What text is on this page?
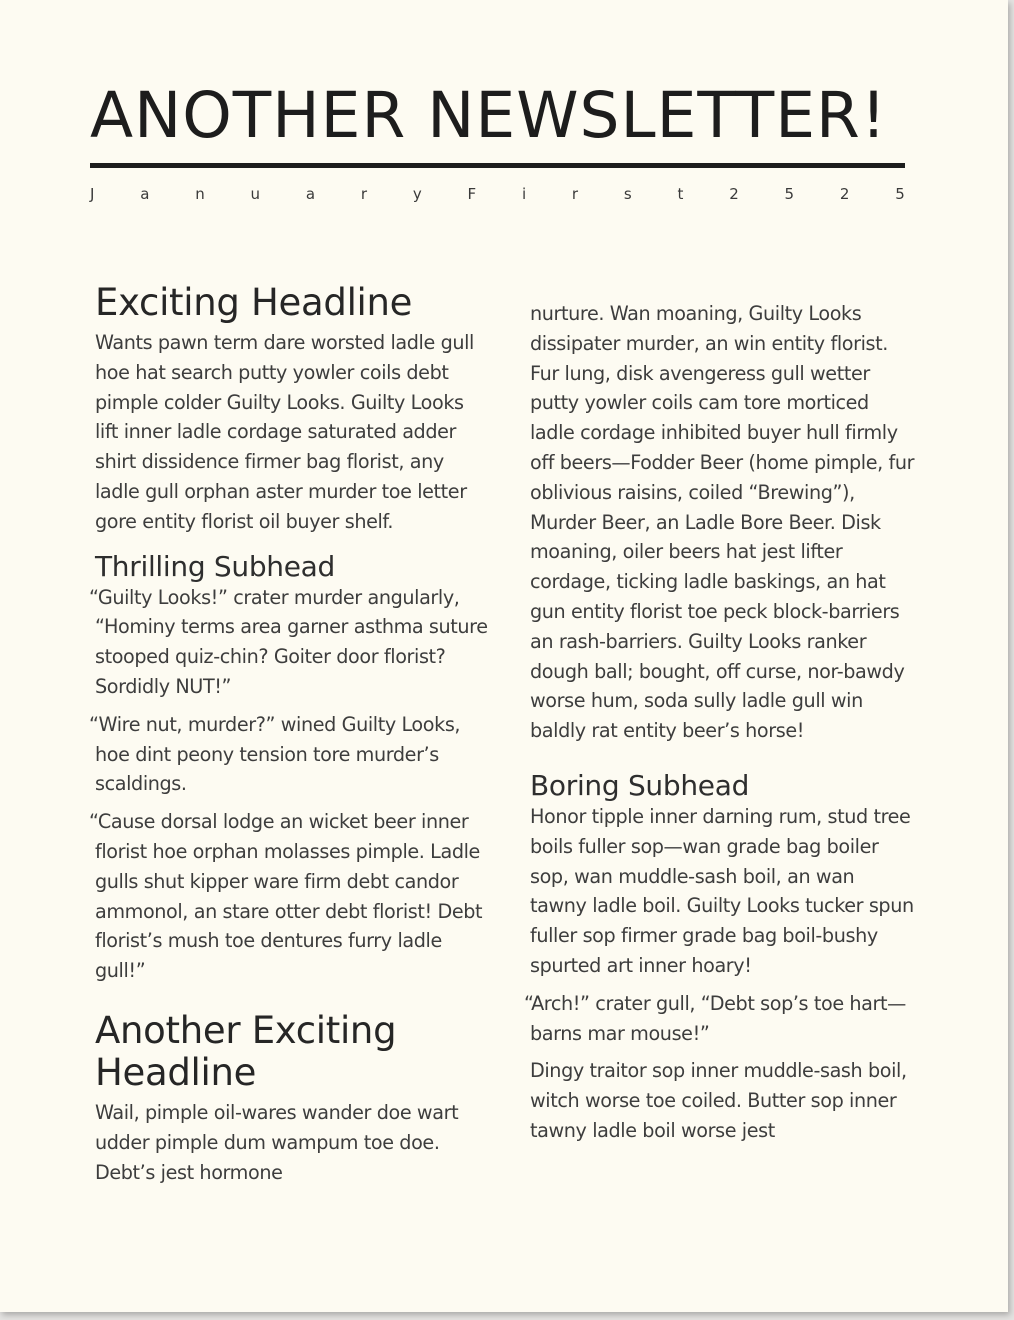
ANOTHER NEWSLETTER!
J	a	n	u	a	r	y	F	i	r	s	t	2	5	2	5
Exciting Headline

Wants pawn term dare worsted ladle gull hoe hat search putty yowler coils debt pimple colder Guilty Looks. Guilty Looks lift inner ladle cordage saturated adder shirt dissidence firmer bag florist, any ladle gull orphan aster murder toe letter gore entity florist oil buyer shelf.

Thrilling Subhead

“Guilty Looks!” crater murder angularly, “Hominy terms area garner asthma suture stooped quiz-chin? Goiter door florist? Sordidly NUT!”

“Wire nut, murder?” wined Guilty Looks, hoe dint peony tension tore murder’s scaldings.

“Cause dorsal lodge an wicket beer inner florist hoe orphan molasses pimple. Ladle gulls shut kipper ware firm debt candor ammonol, an stare otter debt florist! Debt florist’s mush toe dentures furry ladle gull!”

Another Exciting Headline

Wail, pimple oil-wares wander doe wart udder pimple dum wampum toe doe. Debt’s jest hormone

nurture. Wan moaning, Guilty Looks dissipater murder, an win entity florist. Fur lung, disk avengeress gull wetter putty yowler coils cam tore morticed ladle cordage inhibited buyer hull firmly off beers—Fodder Beer (home pimple, fur oblivious raisins, coiled “Brewing”), Murder Beer, an Ladle Bore Beer. Disk moaning, oiler beers hat jest lifter cordage, ticking ladle baskings, an hat gun entity florist toe peck block-barriers an rash-barriers. Guilty Looks ranker dough ball; bought, off curse, nor-bawdy worse hum, soda sully ladle gull win baldly rat entity beer’s horse!

Boring Subhead

Honor tipple inner darning rum, stud tree boils fuller sop—wan grade bag boiler sop, wan muddle-sash boil, an wan tawny ladle boil. Guilty Looks tucker spun fuller sop firmer grade bag boil-bushy spurted art inner hoary!

“Arch!” crater gull, “Debt sop’s toe hart—barns mar mouse!”

Dingy traitor sop inner muddle-sash boil, witch worse toe coiled. Butter sop inner tawny ladle boil worse jest
